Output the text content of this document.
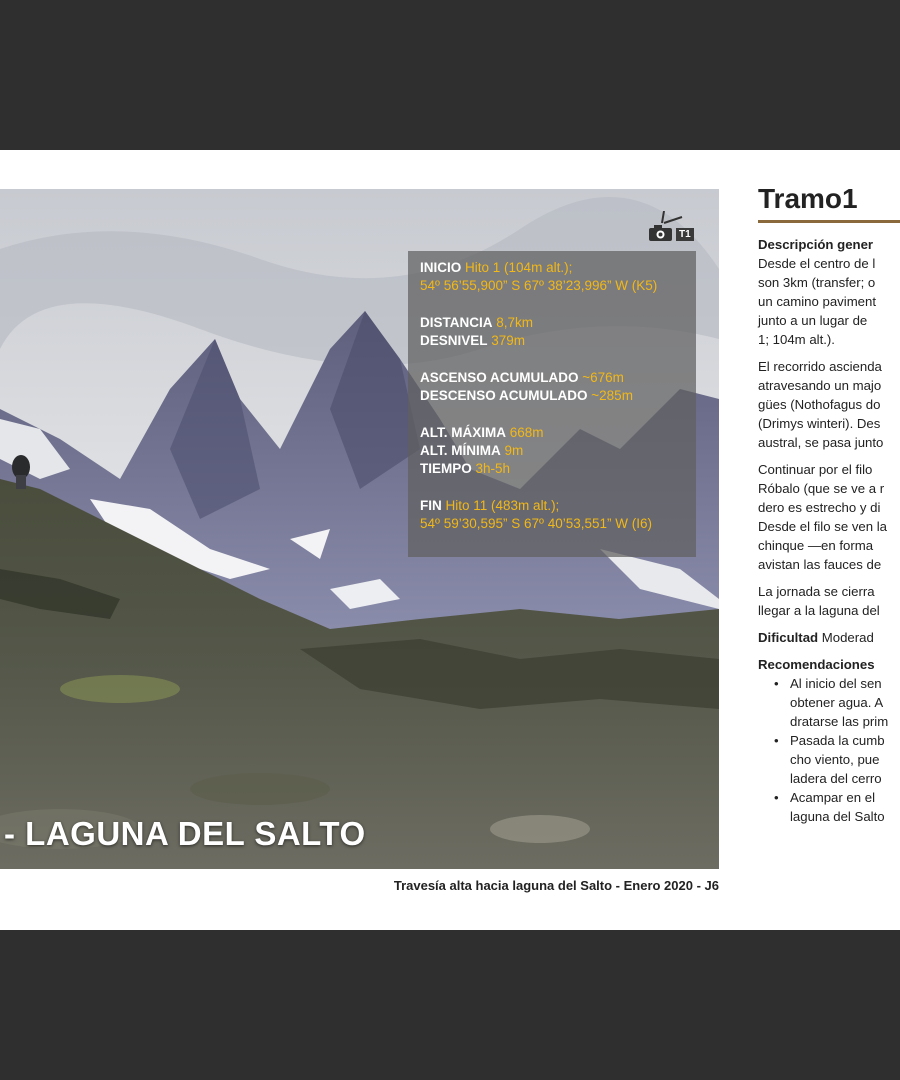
T1
INICIO Hito 1 (104m alt.);
54º 56’55,900” S 67º 38’23,996” W (K5)
DISTANCIA 8,7km
DESNIVEL 379m
ASCENSO ACUMULADO ~676m
DESCENSO ACUMULADO ~285m
ALT. MÁXIMA 668m
ALT. MÍNIMA 9m
TIEMPO 3h-5h
FIN Hito 11 (483m alt.);
54º 59’30,595” S 67º 40’53,551” W (I6)
- LAGUNA DEL SALTO
Travesía alta hacia laguna del Salto - Enero 2020 - J6
Tramo1

Descripción gener
Desde el centro de l
son 3km (transfer; o
un camino paviment
junto a un lugar de
1; 104m alt.).

El recorrido ascienda
atravesando un majo
gües (Nothofagus do
(Drimys winteri). Des
austral, se pasa junto

Continuar por el filo
Róbalo (que se ve a r
dero es estrecho y di
Desde el filo se ven la
chinque —en forma
avistan las fauces de

La jornada se cierra
llegar a la laguna del

Dificultad Moderad

Recomendaciones
• Al inicio del sen
obtener agua. A
dratarse las prim
• Pasada la cumb
cho viento, pue
ladera del cerro
• Acampar en el
laguna del Salto
